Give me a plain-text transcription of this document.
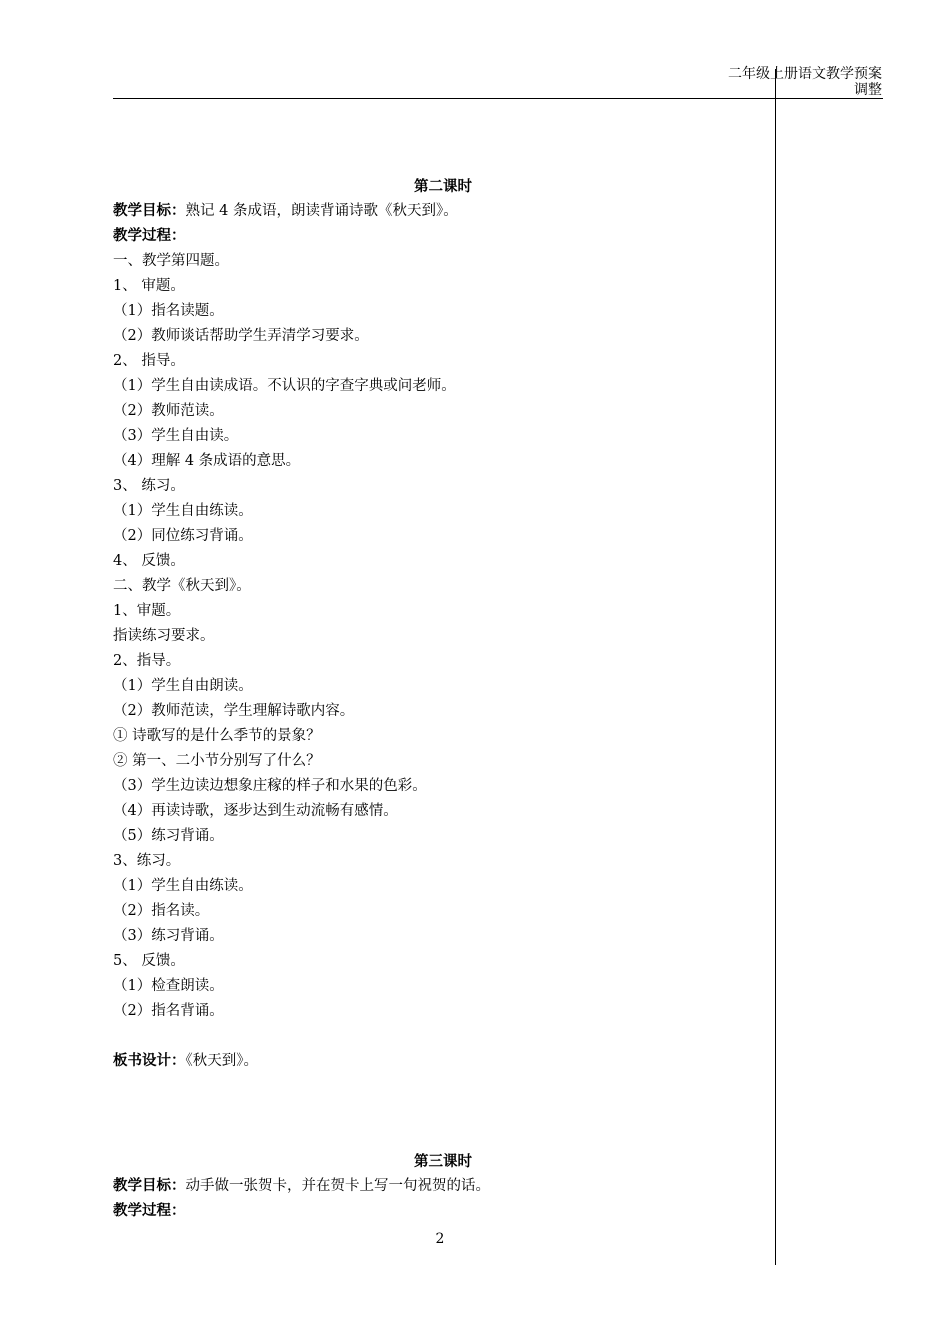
二年级上册语文教学预案
调整
第二课时
教学目标：熟记 4 条成语，朗读背诵诗歌《秋天到》。
教学过程：
一、教学第四题。
1、 审题。
（1）指名读题。
（2）教师谈话帮助学生弄清学习要求。
2、 指导。
（1）学生自由读成语。不认识的字查字典或问老师。
（2）教师范读。
（3）学生自由读。
（4）理解 4 条成语的意思。
3、 练习。
（1）学生自由练读。
（2）同位练习背诵。
4、 反馈。
二、教学《秋天到》。
1、审题。
指读练习要求。
2、指导。
（1）学生自由朗读。
（2）教师范读，学生理解诗歌内容。
① 诗歌写的是什么季节的景象？
② 第一、二小节分别写了什么？
（3）学生边读边想象庄稼的样子和水果的色彩。
（4）再读诗歌，逐步达到生动流畅有感情。
（5）练习背诵。
3、练习。
（1）学生自由练读。
（2）指名读。
（3）练习背诵。
5、 反馈。
（1）检查朗读。
（2）指名背诵。
板书设计：《秋天到》。
第三课时
教学目标：动手做一张贺卡，并在贺卡上写一句祝贺的话。
教学过程：
2
